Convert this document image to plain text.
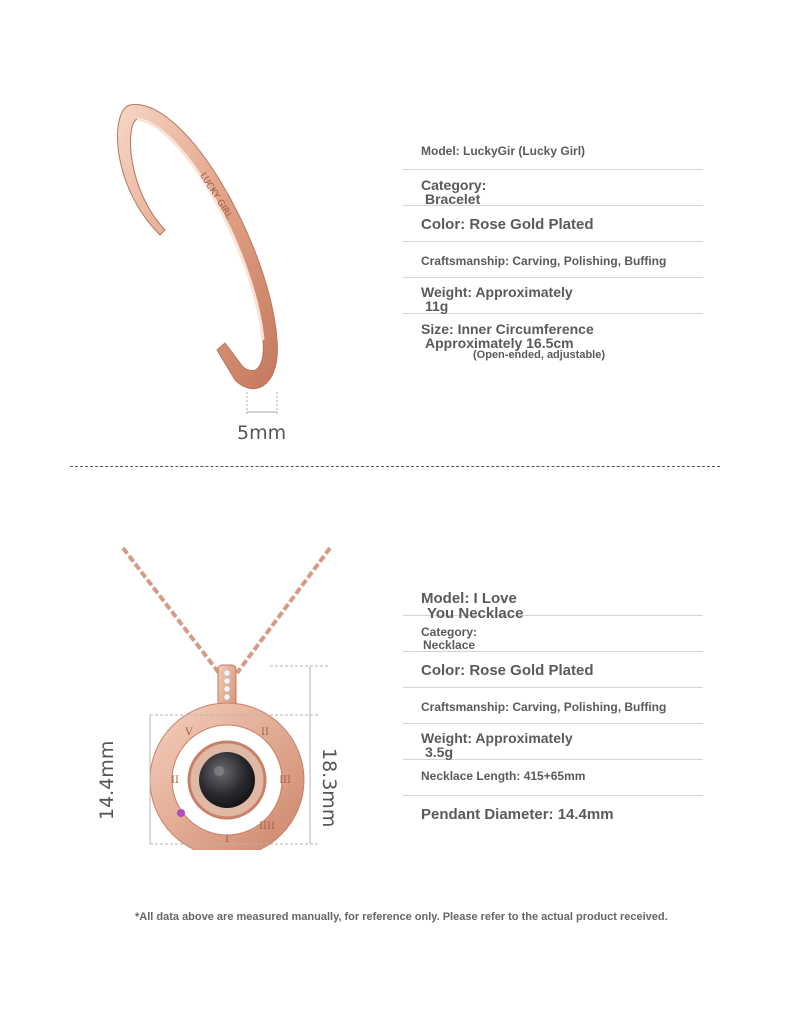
LUCKY GIRL
5mm
Model: LuckyGir (Lucky Girl)
Category:
Bracelet
Color: Rose Gold Plated
Craftsmanship: Carving, Polishing, Buffing
Weight: Approximately
11g
Size: Inner Circumference
Approximately 16.5cm
(Open-ended, adjustable)
II
III
IIII
I
II
V
14.4mm	18.3mm
Model: I Love
You Necklace
Category:
Necklace
Color: Rose Gold Plated
Craftsmanship: Carving, Polishing, Buffing
Weight: Approximately
3.5g
Necklace Length: 415+65mm
Pendant Diameter: 14.4mm
*All data above are measured manually, for reference only. Please refer to the actual product received.
